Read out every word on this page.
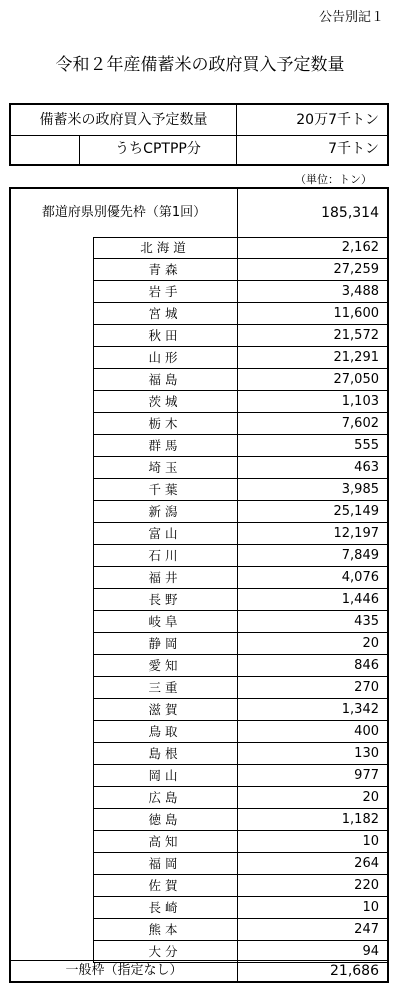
公告別記１
令和２年産備蓄米の政府買入予定数量
備蓄米の政府買入予定数量	20万7千トン
うちCPTPP分	7千トン
（単位：トン）
都道府県別優先枠（第1回）	185,314
北海道	2,162
青森	27,259
岩手	3,488
宮城	11,600
秋田	21,572
山形	21,291
福島	27,050
茨城	1,103
栃木	7,602
群馬	555
埼玉	463
千葉	3,985
新潟	25,149
富山	12,197
石川	7,849
福井	4,076
長野	1,446
岐阜	435
静岡	20
愛知	846
三重	270
滋賀	1,342
鳥取	400
島根	130
岡山	977
広島	20
徳島	1,182
高知	10
福岡	264
佐賀	220
長崎	10
熊本	247
大分	94
一般枠（指定なし）	21,686
